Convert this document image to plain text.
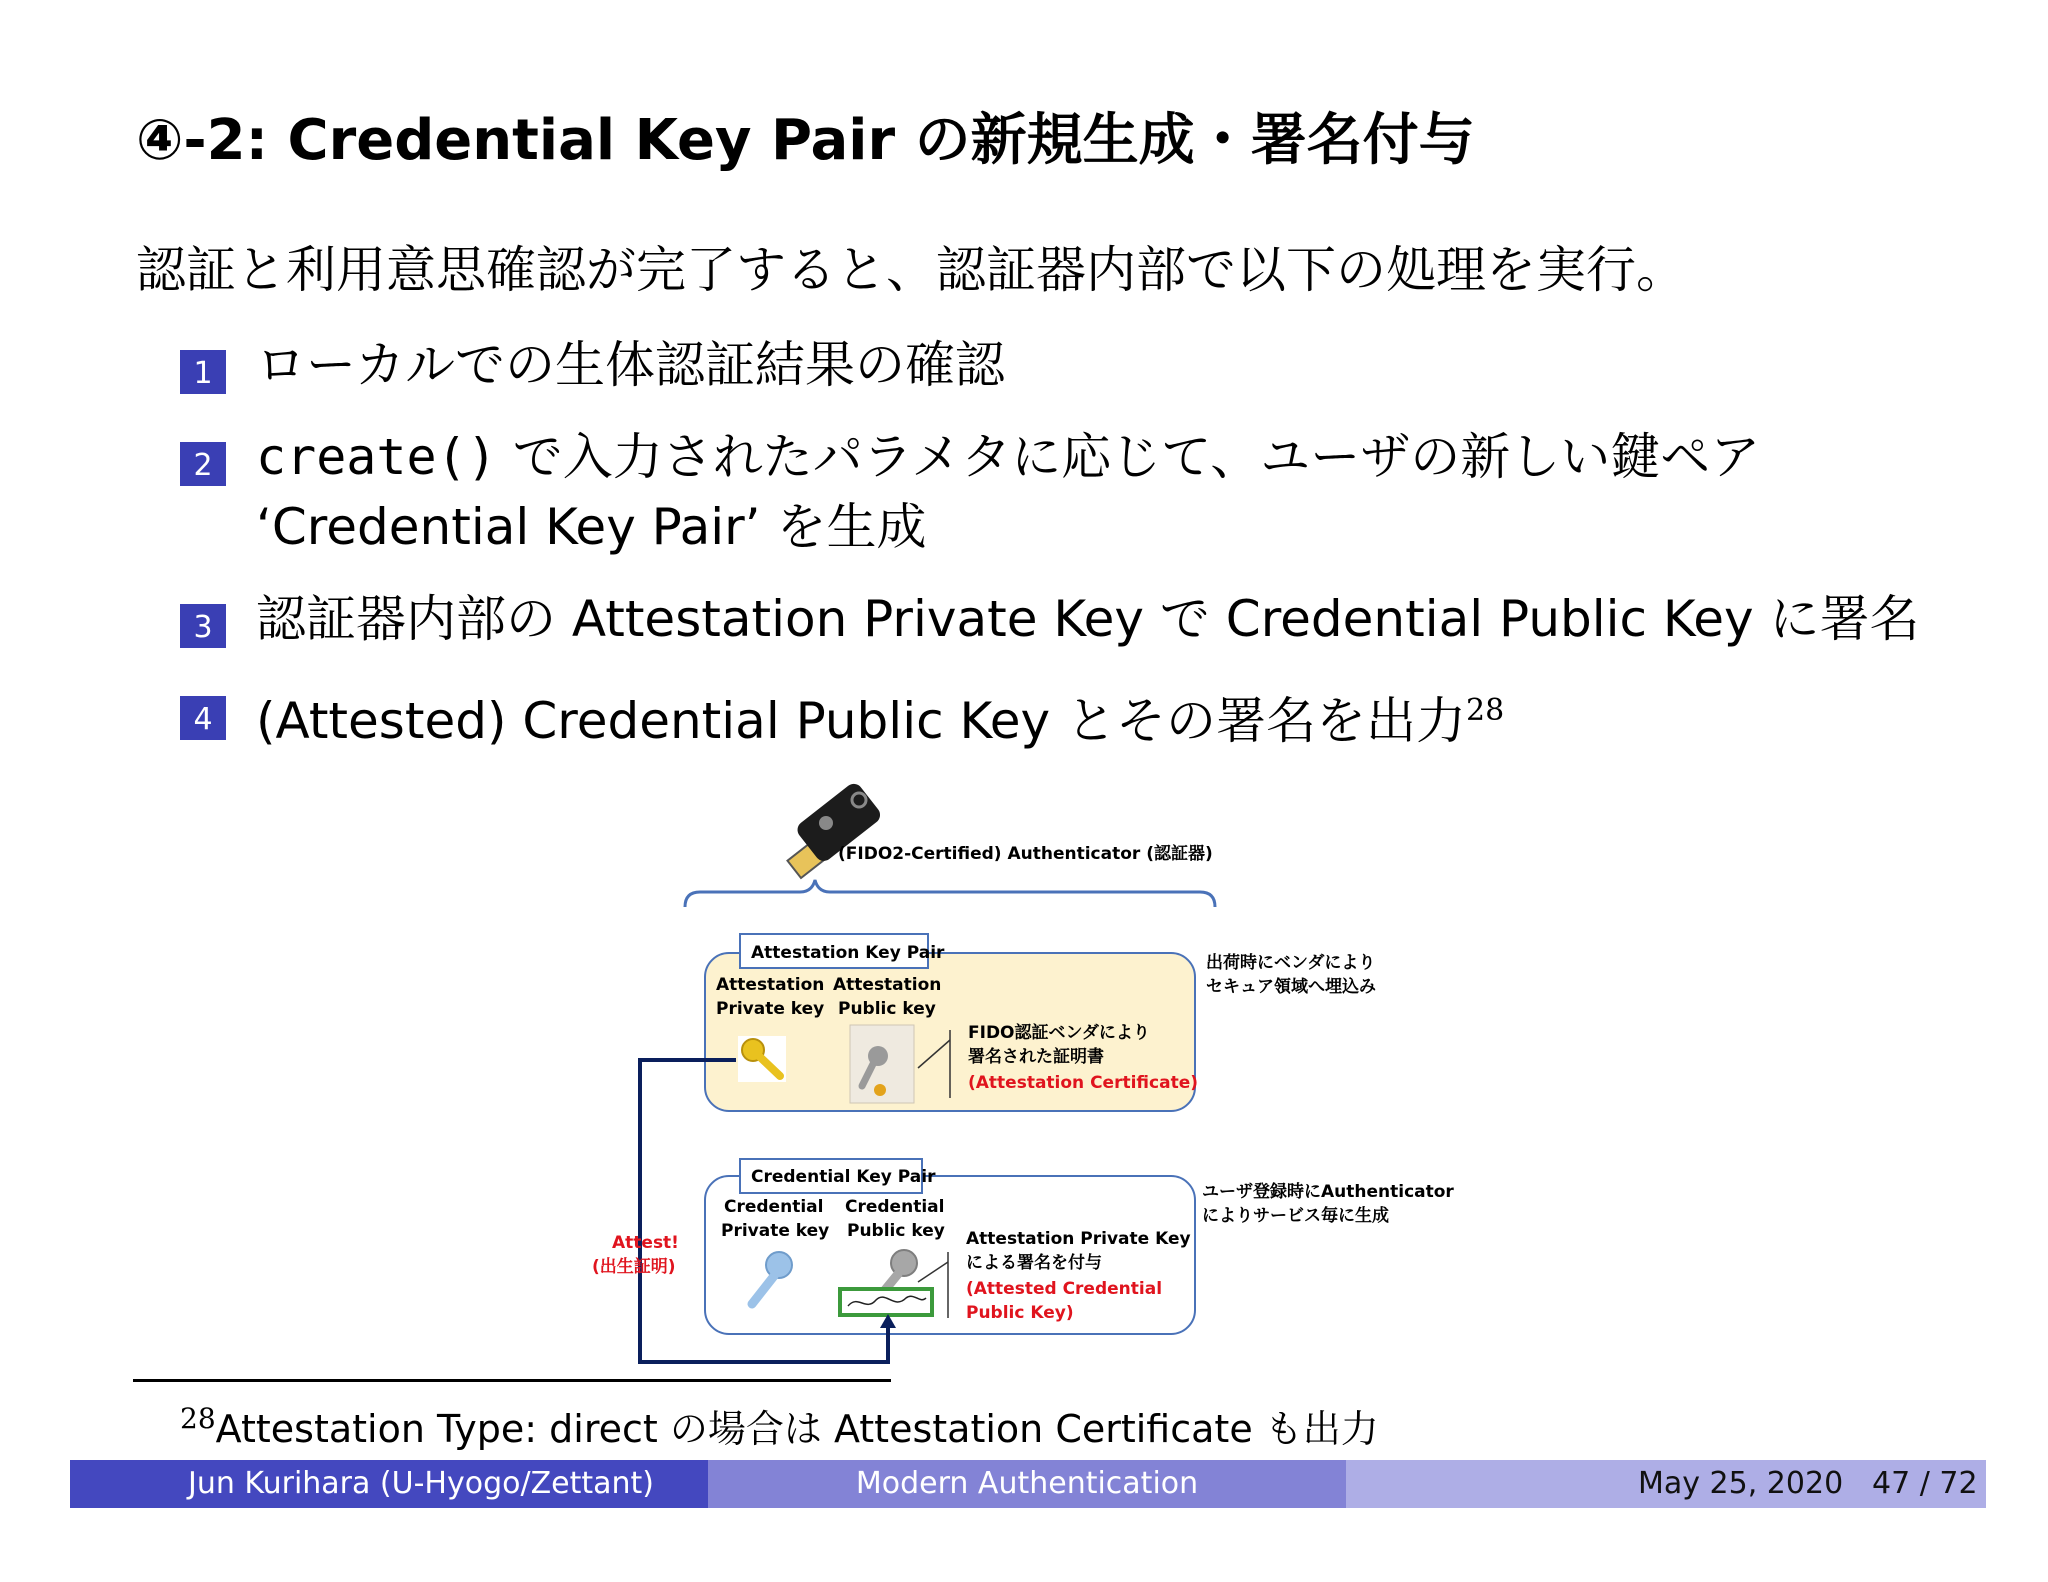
④-2: Credential Key Pair の新規生成・署名付与
認証と利用意思確認が完了すると、認証器内部で以下の処理を実行。
1 ローカルでの生体認証結果の確認
2 create() で入力されたパラメタに応じて、ユーザの新しい鍵ペア
‘Credential Key Pair’ を生成
3 認証器内部の Attestation Private Key で Credential Public Key に署名
4 (Attested) Credential Public Key とその署名を出力$^{28}$
(FIDO2-Certified) Authenticator (認証器)
Attestation Key Pair
Attestation
Private key
Attestation
Public key
FIDO認証ベンダにより
署名された証明書
(Attestation Certificate)
出荷時にベンダにより
セキュア領域へ埋込み
Credential Key Pair
Credential
Private key
Credential
Public key Attestation Private Key
による署名を付与
(Attested Credential
Public Key)
ユーザ登録時にAuthenticator
によりサービス毎に生成
Attest!
(出生証明)
$^{28}$Attestation Type: direct の場合は Attestation Certificate も出力
Jun Kurihara (U-Hyogo/Zettant)	Modern Authentication	May 25, 2020 47 / 72
